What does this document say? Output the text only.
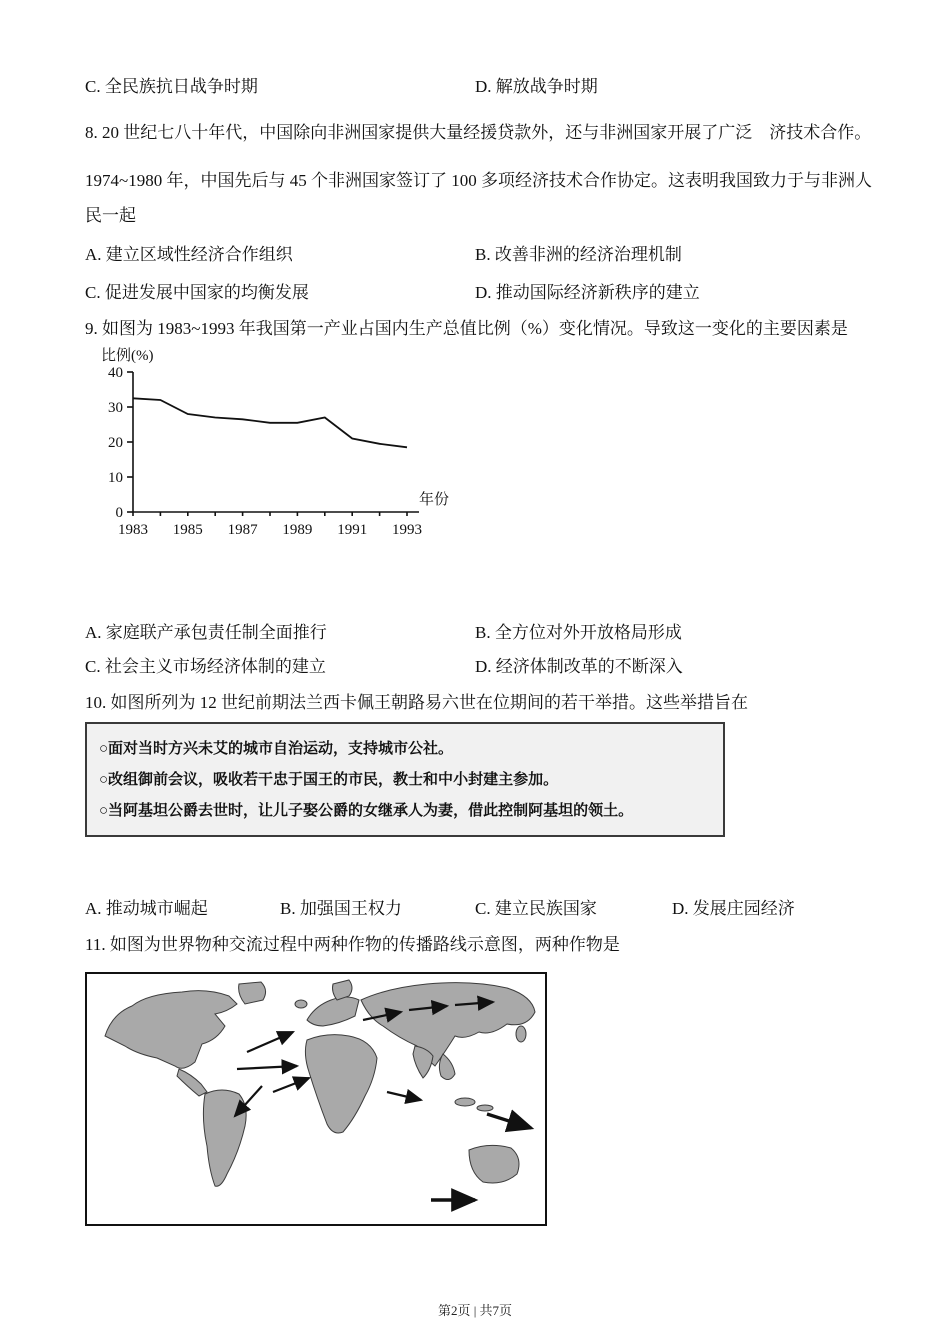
C. 全民族抗日战争时期	D. 解放战争时期
8. 20 世纪七八十年代，中国除向非洲国家提供大量经援贷款外，还与非洲国家开展了广泛　济技术合作。
1974~1980 年，中国先后与 45 个非洲国家签订了 100 多项经济技术合作协定。这表明我国致力于与非洲人
民一起
A. 建立区域性经济合作组织	B. 改善非洲的经济治理机制
C. 促进发展中国家的均衡发展	D. 推动国际经济新秩序的建立
9. 如图为 1983~1993 年我国第一产业占国内生产总值比例（%）变化情况。导致这一变化的主要因素是
0
10
20
30
40
1983 1985 1987 1989 1991 1993
比例(%)
年份
A. 家庭联产承包责任制全面推行	B. 全方位对外开放格局形成
C. 社会主义市场经济体制的建立	D. 经济体制改革的不断深入
10. 如图所列为 12 世纪前期法兰西卡佩王朝路易六世在位期间的若干举措。这些举措旨在
○面对当时方兴未艾的城市自治运动，支持城市公社。
○改组御前会议，吸收若干忠于国王的市民，教士和中小封建主参加。
○当阿基坦公爵去世时，让儿子娶公爵的女继承人为妻，借此控制阿基坦的领土。
A. 推动城市崛起	B. 加强国王权力	C. 建立民族国家	D. 发展庄园经济
11. 如图为世界物种交流过程中两种作物的传播路线示意图，两种作物是
第2页 | 共7页
